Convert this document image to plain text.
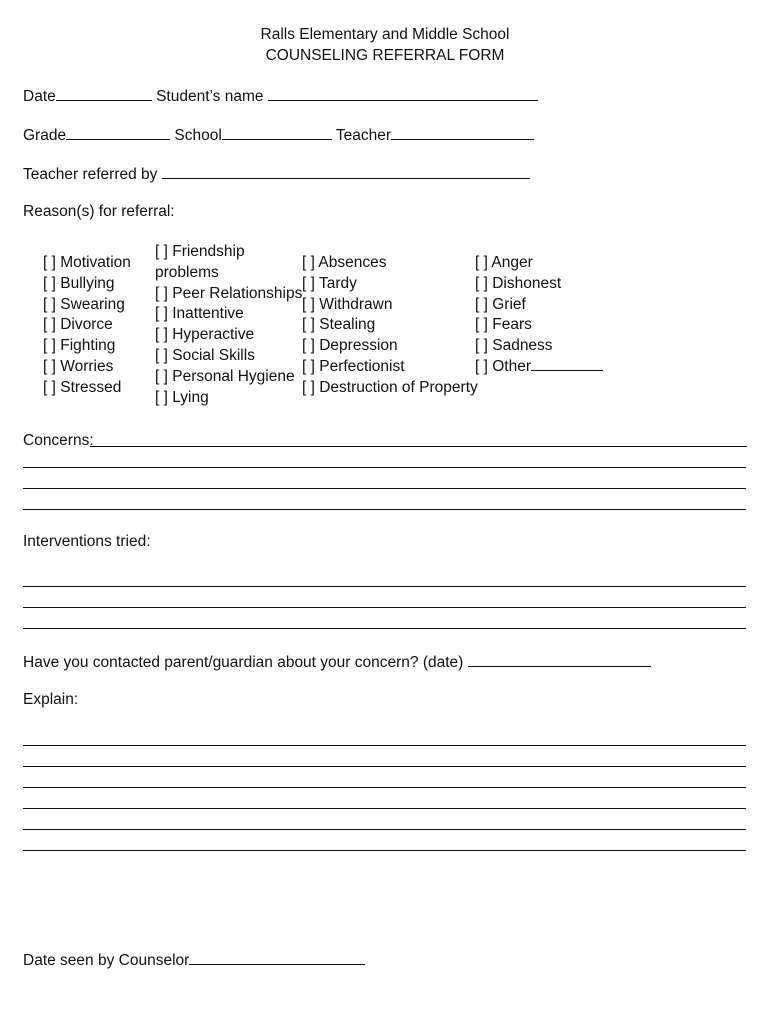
Ralls Elementary and Middle School
COUNSELING REFERRAL FORM
Date	Student’s name
Grade	School	Teacher
Teacher referred by
Reason(s) for referral:
[ ] Motivation
[ ] Bullying
[ ] Swearing
[ ] Divorce
[ ] Fighting
[ ] Worries
[ ] Stressed
[ ] Friendship
problems
[ ] Peer Relationships
[ ] Inattentive
[ ] Hyperactive
[ ] Social Skills
[ ] Personal Hygiene
[ ] Lying
[ ] Absences
[ ] Tardy
[ ] Withdrawn
[ ] Stealing
[ ] Depression
[ ] Perfectionist
[ ] Destruction of Property
[ ] Anger
[ ] Dishonest
[ ] Grief
[ ] Fears
[ ] Sadness
[ ] Other
Concerns:
Interventions tried:
Have you contacted parent/guardian about your concern? (date)
Explain:
Date seen by Counselor
